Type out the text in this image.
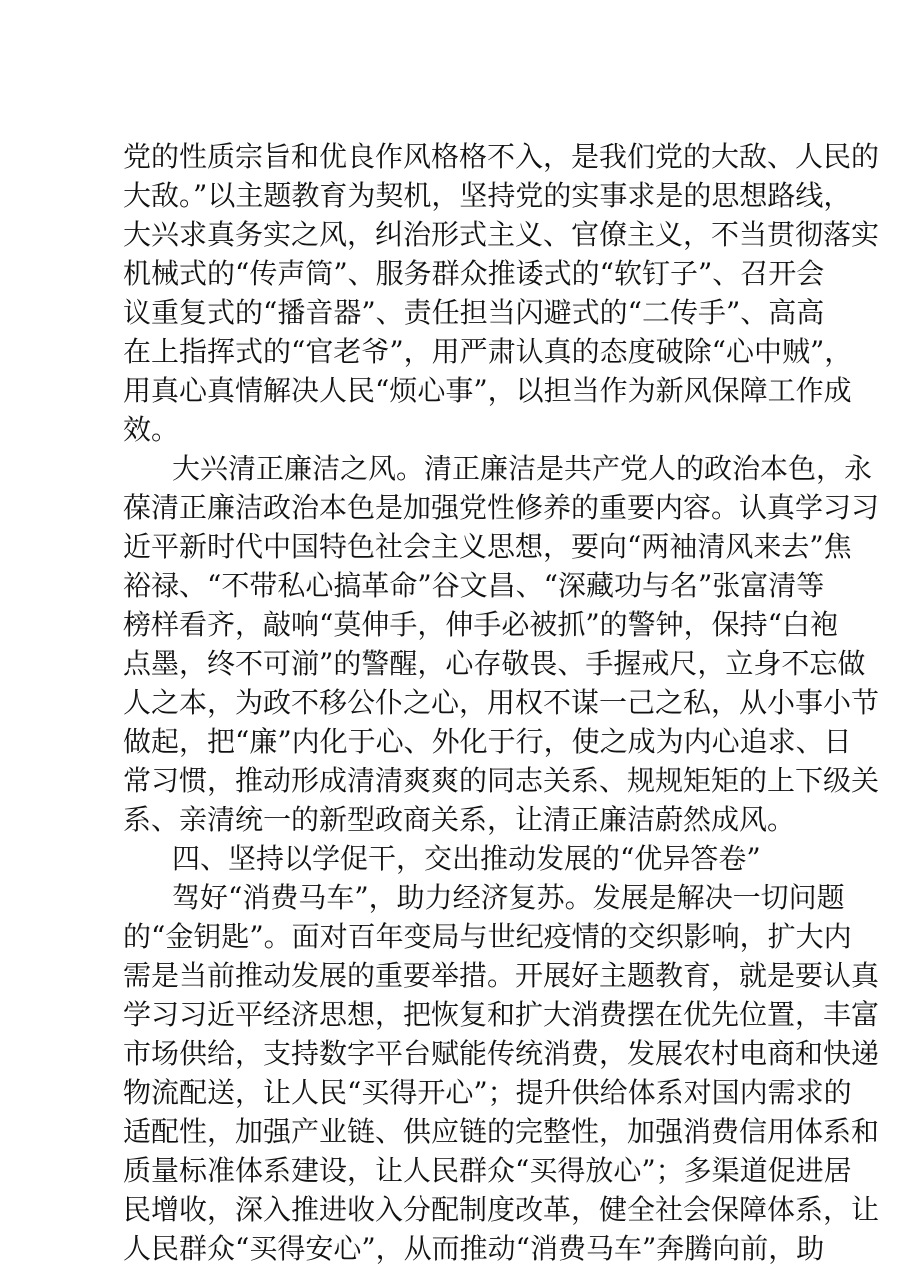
党的性质宗旨和优良作风格格不入，是我们党的大敌、人民的
大敌。”以主题教育为契机，坚持党的实事求是的思想路线，
大兴求真务实之风，纠治形式主义、官僚主义，不当贯彻落实
机械式的“传声筒”、服务群众推诿式的“软钉子”、召开会
议重复式的“播音器”、责任担当闪避式的“二传手”、高高
在上指挥式的“官老爷”，用严肃认真的态度破除“心中贼”，
用真心真情解决人民“烦心事”，以担当作为新风保障工作成
效。
大兴清正廉洁之风。清正廉洁是共产党人的政治本色，永
葆清正廉洁政治本色是加强党性修养的重要内容。认真学习习
近平新时代中国特色社会主义思想，要向“两袖清风来去”焦
裕禄、“不带私心搞革命”谷文昌、“深藏功与名”张富清等
榜样看齐，敲响“莫伸手，伸手必被抓”的警钟，保持“白袍
点墨，终不可湔”的警醒，心存敬畏、手握戒尺，立身不忘做
人之本，为政不移公仆之心，用权不谋一己之私，从小事小节
做起，把“廉”内化于心、外化于行，使之成为内心追求、日
常习惯，推动形成清清爽爽的同志关系、规规矩矩的上下级关
系、亲清统一的新型政商关系，让清正廉洁蔚然成风。
四、坚持以学促干，交出推动发展的“优异答卷”
驾好“消费马车”，助力经济复苏。发展是解决一切问题
的“金钥匙”。面对百年变局与世纪疫情的交织影响，扩大内
需是当前推动发展的重要举措。开展好主题教育，就是要认真
学习习近平经济思想，把恢复和扩大消费摆在优先位置，丰富
市场供给，支持数字平台赋能传统消费，发展农村电商和快递
物流配送，让人民“买得开心”；提升供给体系对国内需求的
适配性，加强产业链、供应链的完整性，加强消费信用体系和
质量标准体系建设，让人民群众“买得放心”；多渠道促进居
民增收，深入推进收入分配制度改革，健全社会保障体系，让
人民群众“买得安心”，从而推动“消费马车”奔腾向前，助
